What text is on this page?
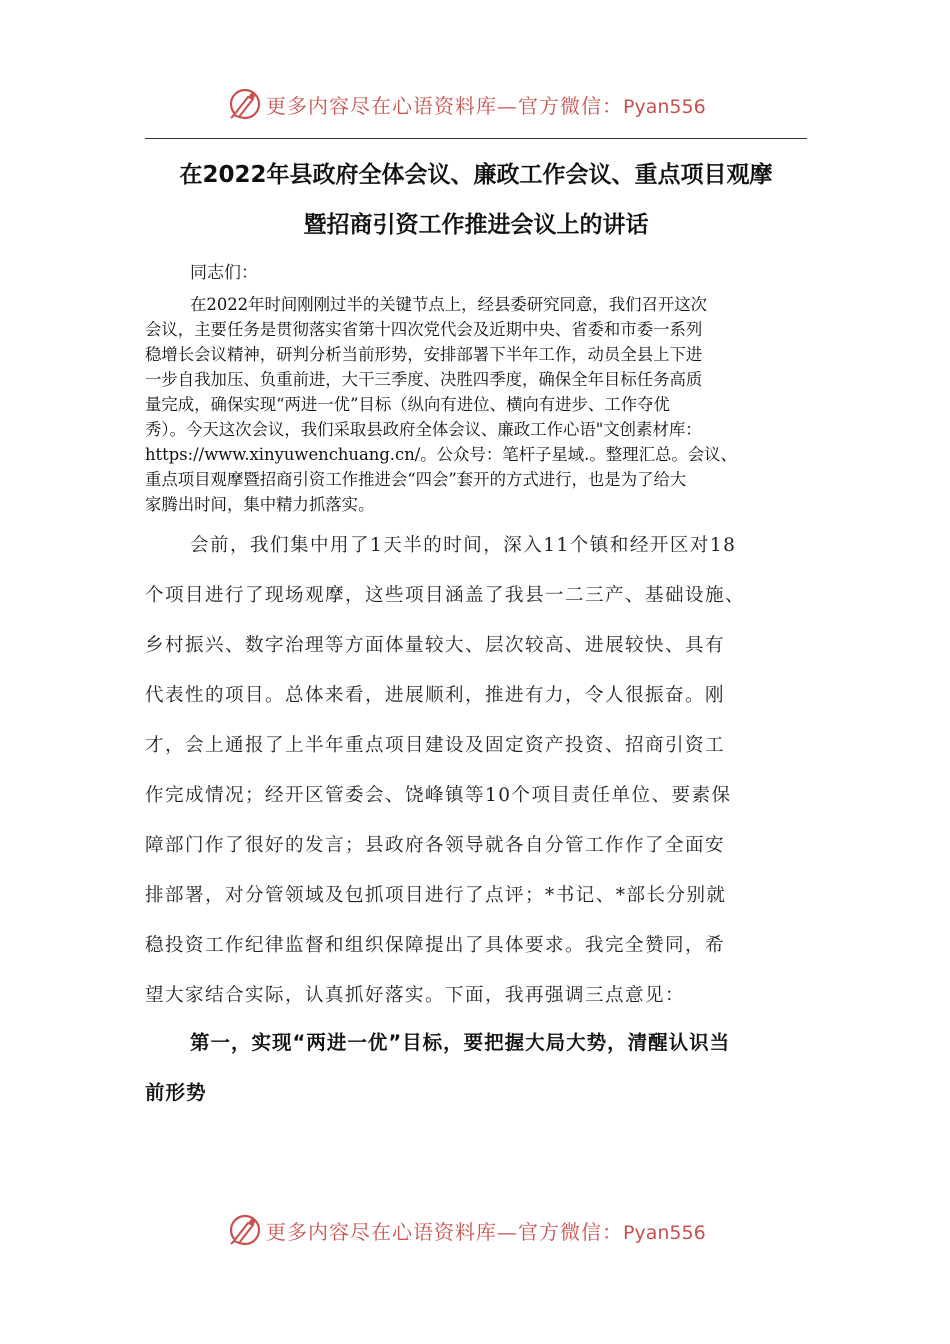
更多内容尽在心语资料库—官方微信：Pyan556
在2022年县政府全体会议、廉政工作会议、重点项目观摩
暨招商引资工作推进会议上的讲话
同志们：
在2022年时间刚刚过半的关键节点上，经县委研究同意，我们召开这次
会议，主要任务是贯彻落实省第十四次党代会及近期中央、省委和市委一系列
稳增长会议精神，研判分析当前形势，安排部署下半年工作，动员全县上下进
一步自我加压、负重前进，大干三季度、决胜四季度，确保全年目标任务高质
量完成，确保实现“两进一优”目标（纵向有进位、横向有进步、工作夺优
秀）。今天这次会议，我们采取县政府全体会议、廉政工作心语"文创素材库：
https://www.xinyuwenchuang.cn/。公众号：笔杆子星域.。整理汇总。会议、
重点项目观摩暨招商引资工作推进会“四会”套开的方式进行，也是为了给大
家腾出时间，集中精力抓落实。
会前，我们集中用了1天半的时间，深入11个镇和经开区对18
个项目进行了现场观摩，这些项目涵盖了我县一二三产、基础设施、
乡村振兴、数字治理等方面体量较大、层次较高、进展较快、具有
代表性的项目。总体来看，进展顺利，推进有力，令人很振奋。刚
才，会上通报了上半年重点项目建设及固定资产投资、招商引资工
作完成情况；经开区管委会、饶峰镇等10个项目责任单位、要素保
障部门作了很好的发言；县政府各领导就各自分管工作作了全面安
排部署，对分管领域及包抓项目进行了点评；*书记、*部长分别就
稳投资工作纪律监督和组织保障提出了具体要求。我完全赞同，希
望大家结合实际，认真抓好落实。下面，我再强调三点意见：
第一，实现“两进一优”目标，要把握大局大势，清醒认识当
前形势
更多内容尽在心语资料库—官方微信：Pyan556
